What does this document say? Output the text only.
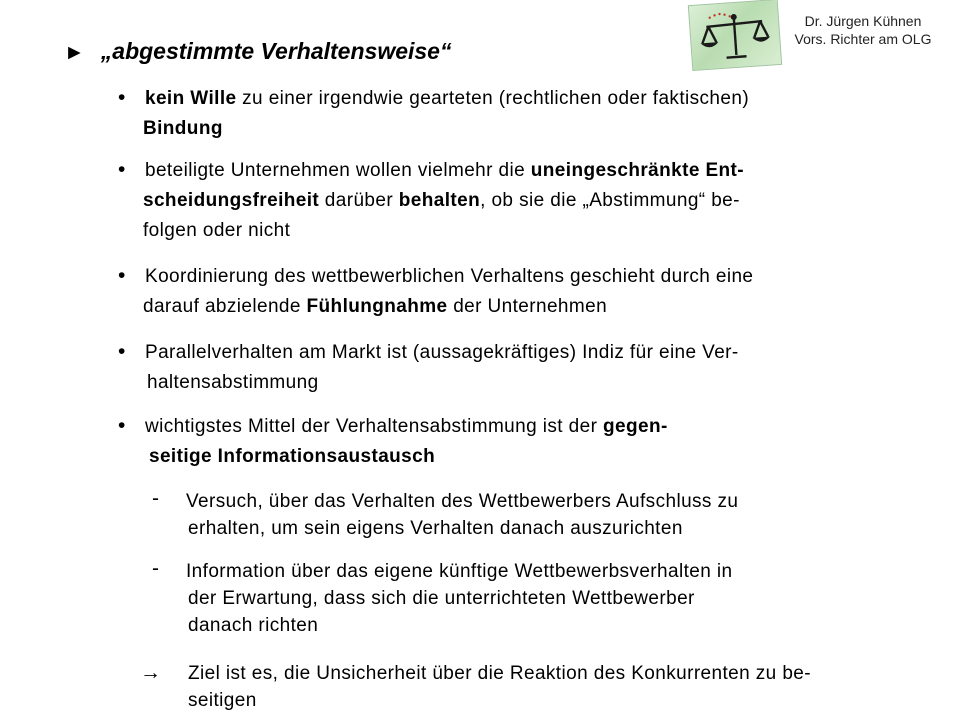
Dr. Jürgen Kühnen
Vors. Richter am OLG
► „abgestimmte Verhaltensweise“
• kein Wille zu einer irgendwie gearteten (rechtlichen oder faktischen)
Bindung
• beteiligte Unternehmen wollen vielmehr die uneingeschränkte Ent-
scheidungsfreiheit darüber behalten, ob sie die „Abstimmung“ be-
folgen oder nicht
• Koordinierung des wettbewerblichen Verhaltens geschieht durch eine
darauf abzielende Fühlungnahme der Unternehmen
• Parallelverhalten am Markt ist (aussagekräftiges) Indiz für eine Ver-
haltensabstimmung
• wichtigstes Mittel der Verhaltensabstimmung ist der gegen-
seitige Informationsaustausch
- Versuch, über das Verhalten des Wettbewerbers Aufschluss zu
erhalten, um sein eigens Verhalten danach auszurichten
- Information über das eigene künftige Wettbewerbsverhalten in
der Erwartung, dass sich die unterrichteten Wettbewerber
danach richten
→ Ziel ist es, die Unsicherheit über die Reaktion des Konkurrenten zu be-
seitigen
